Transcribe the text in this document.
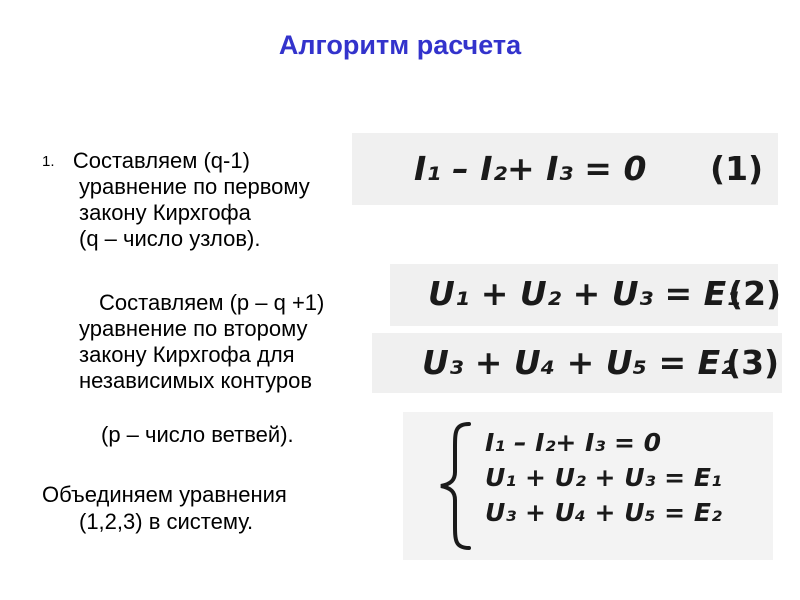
Алгоритм расчета
1. Составляем (q-1)
уравнение по первому
закону Кирхгофа
(q – число узлов).
Составляем (р – q +1)
уравнение по второму
закону Кирхгофа для
независимых контуров
(р – число ветвей).
Объединяем уравнения
(1,2,3) в систему.
I₁ – I₂+ I₃ = 0 (1)
U₁ + U₂ + U₃ = E₁
(2)
U₃ + U₄ + U₅ = E₂
(3)
I₁ – I₂+ I₃ = 0
U₁ + U₂ + U₃ = E₁
U₃ + U₄ + U₅ = E₂
